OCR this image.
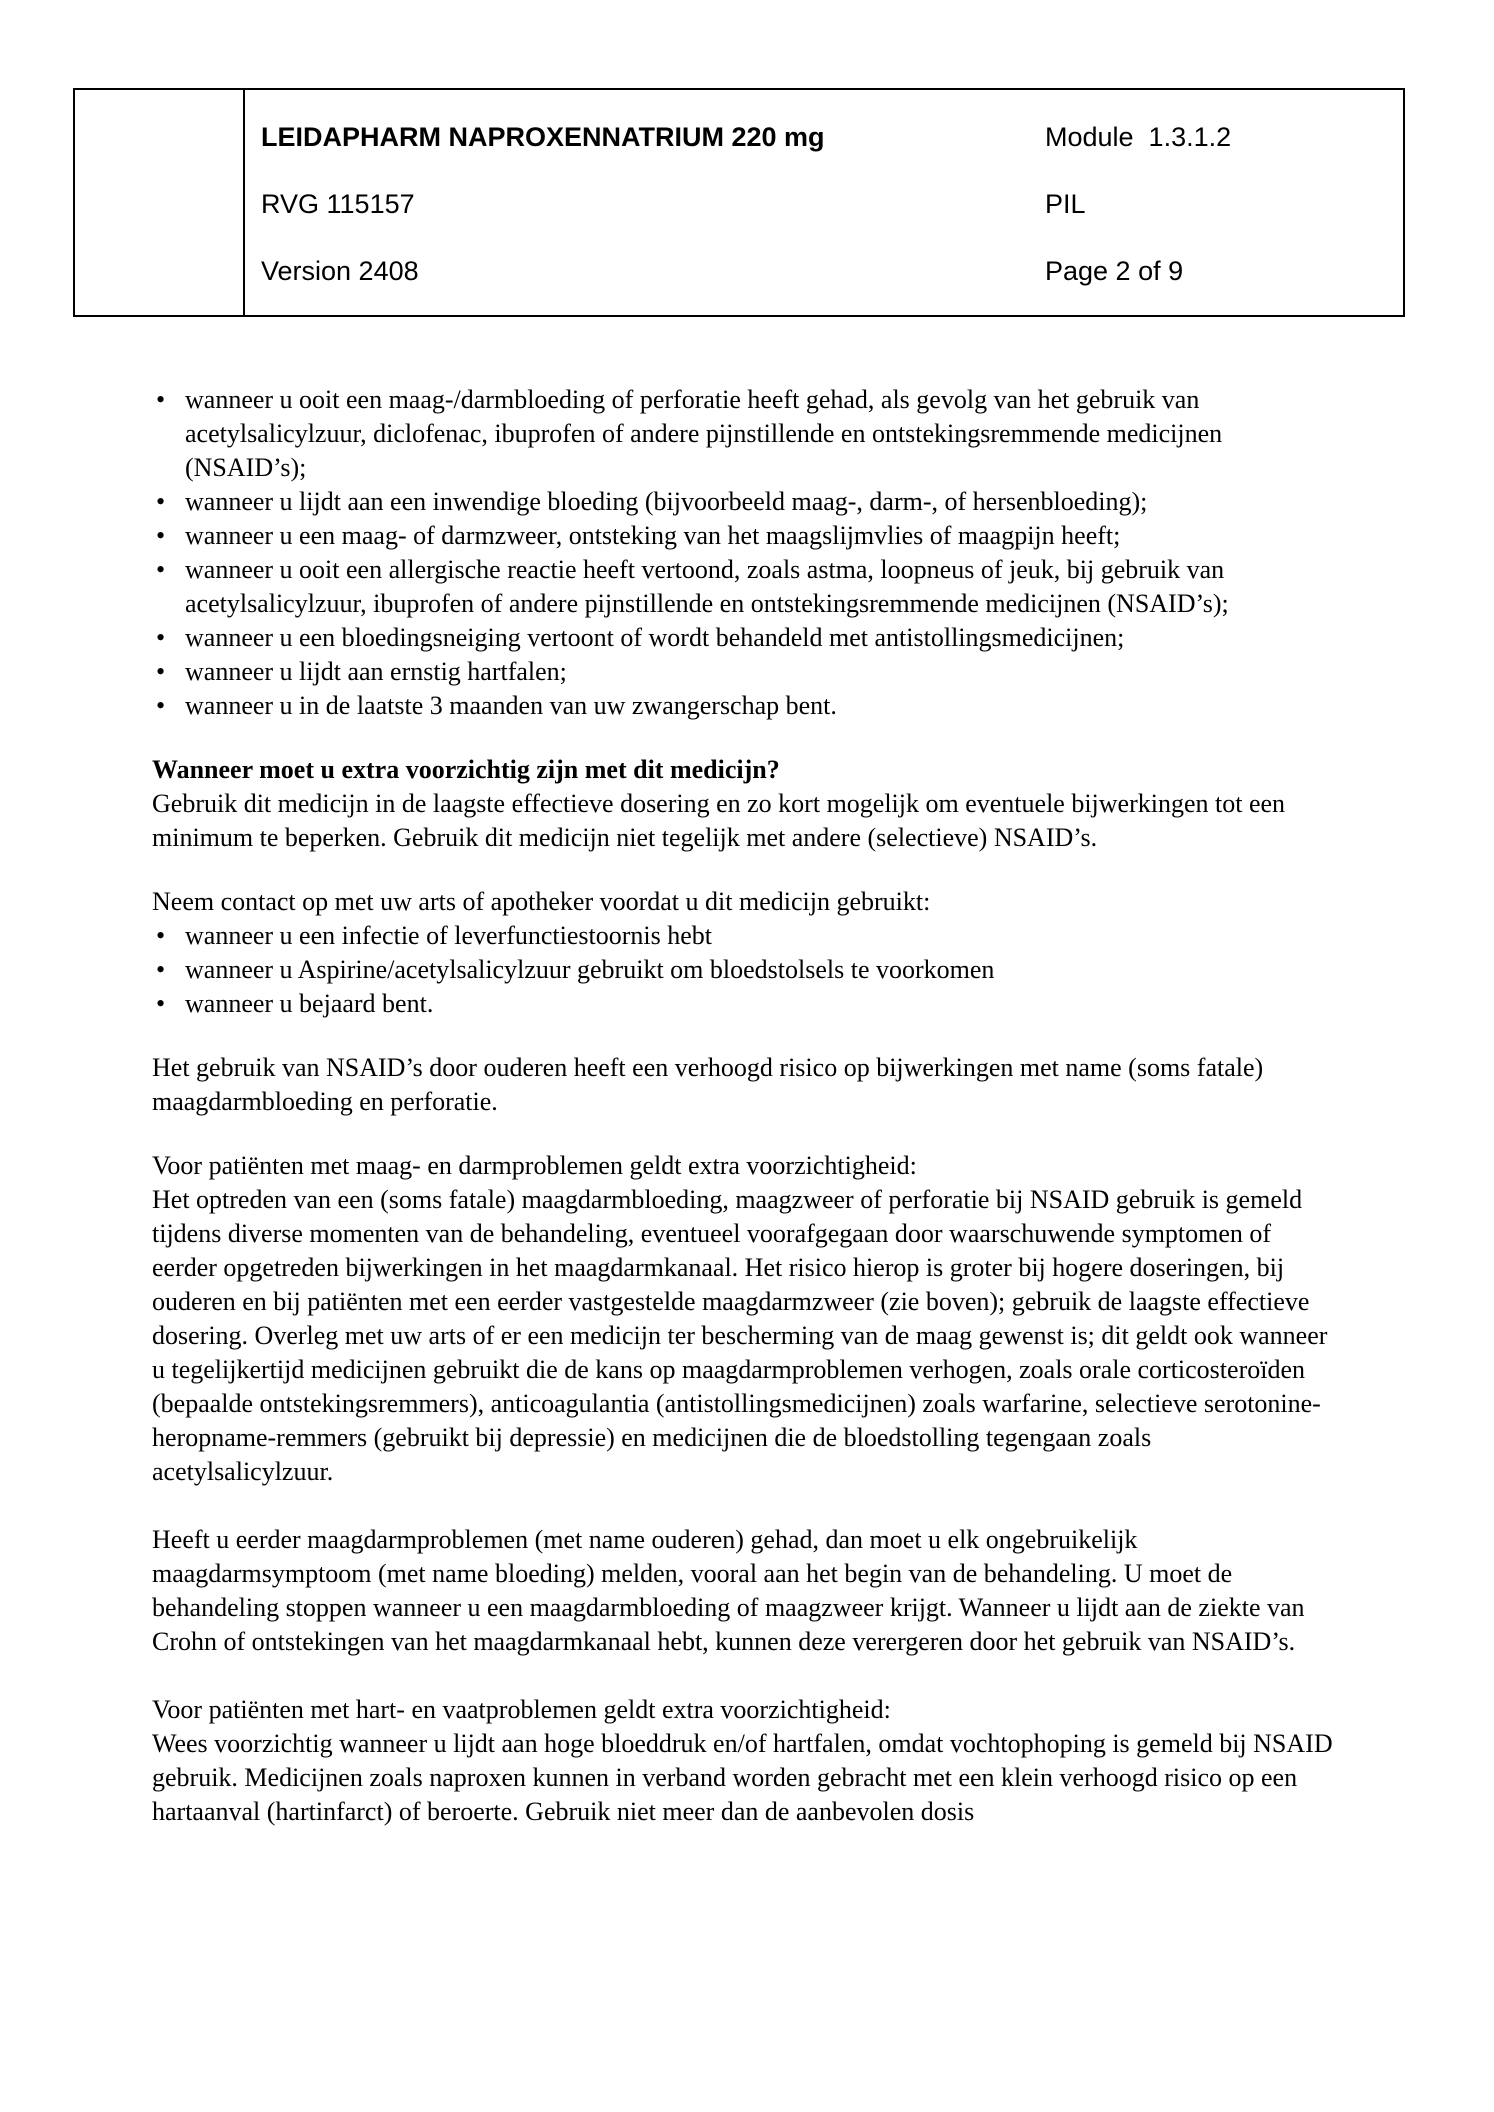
LEIDAPHARM NAPROXENNATRIUM 220 mg	Module  1.3.1.2
RVG 115157	PIL
Version 2408	Page 2 of 9
• wanneer u ooit een maag-/darmbloeding of perforatie heeft gehad, als gevolg van het gebruik van acetylsalicylzuur, diclofenac, ibuprofen of andere pijnstillende en ontstekingsremmende medicijnen (NSAID’s);
• wanneer u lijdt aan een inwendige bloeding (bijvoorbeeld maag-, darm-, of hersenbloeding);
• wanneer u een maag- of darmzweer, ontsteking van het maagslijmvlies of maagpijn heeft;
• wanneer u ooit een allergische reactie heeft vertoond, zoals astma, loopneus of jeuk, bij gebruik van acetylsalicylzuur, ibuprofen of andere pijnstillende en ontstekingsremmende medicijnen (NSAID’s);
• wanneer u een bloedingsneiging vertoont of wordt behandeld met antistollingsmedicijnen;
• wanneer u lijdt aan ernstig hartfalen;
• wanneer u in de laatste 3 maanden van uw zwangerschap bent.
Wanneer moet u extra voorzichtig zijn met dit medicijn?

Gebruik dit medicijn in de laagste effectieve dosering en zo kort mogelijk om eventuele bijwerkingen tot een minimum te beperken. Gebruik dit medicijn niet tegelijk met andere (selectieve) NSAID’s.

Neem contact op met uw arts of apotheker voordat u dit medicijn gebruikt:

• wanneer u een infectie of leverfunctiestoornis hebt
• wanneer u Aspirine/acetylsalicylzuur gebruikt om bloedstolsels te voorkomen
• wanneer u bejaard bent.

Het gebruik van NSAID’s door ouderen heeft een verhoogd risico op bijwerkingen met name (soms fatale) maagdarmbloeding en perforatie.

Voor patiënten met maag- en darmproblemen geldt extra voorzichtigheid:

Het optreden van een (soms fatale) maagdarmbloeding, maagzweer of perforatie bij NSAID gebruik is gemeld tijdens diverse momenten van de behandeling, eventueel voorafgegaan door waarschuwende symptomen of eerder opgetreden bijwerkingen in het maagdarmkanaal. Het risico hierop is groter bij hogere doseringen, bij ouderen en bij patiënten met een eerder vastgestelde maagdarmzweer (zie boven); gebruik de laagste effectieve dosering. Overleg met uw arts of er een medicijn ter bescherming van de maag gewenst is; dit geldt ook wanneer u tegelijkertijd medicijnen gebruikt die de kans op maagdarmproblemen verhogen, zoals orale corticosteroïden (bepaalde ontstekingsremmers), anticoagulantia (antistollingsmedicijnen) zoals warfarine, selectieve serotonine-heropname-remmers (gebruikt bij depressie) en medicijnen die de bloedstolling tegengaan zoals acetylsalicylzuur.

Heeft u eerder maagdarmproblemen (met name ouderen) gehad, dan moet u elk ongebruikelijk maagdarmsymptoom (met name bloeding) melden, vooral aan het begin van de behandeling. U moet de behandeling stoppen wanneer u een maagdarmbloeding of maagzweer krijgt. Wanneer u lijdt aan de ziekte van Crohn of ontstekingen van het maagdarmkanaal hebt, kunnen deze verergeren door het gebruik van NSAID’s.

Voor patiënten met hart- en vaatproblemen geldt extra voorzichtigheid:

Wees voorzichtig wanneer u lijdt aan hoge bloeddruk en/of hartfalen, omdat vochtophoping is gemeld bij NSAID gebruik. Medicijnen zoals naproxen kunnen in verband worden gebracht met een klein verhoogd risico op een hartaanval (hartinfarct) of beroerte. Gebruik niet meer dan de aanbevolen dosis
